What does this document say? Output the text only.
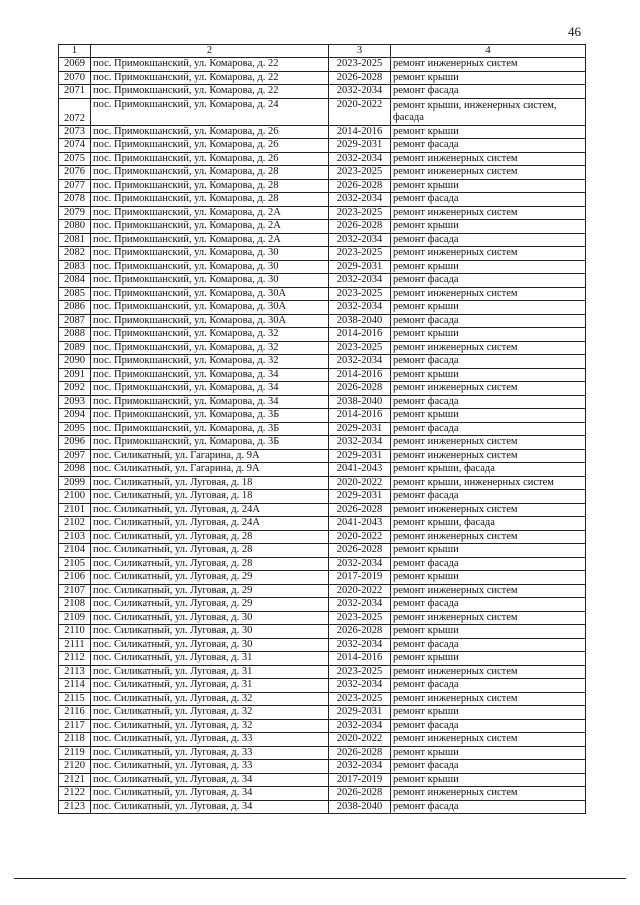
46
1	2	3	4
2069	пос. Примокшанский, ул. Комарова, д. 22	2023-2025	ремонт инженерных систем
2070	пос. Примокшанский, ул. Комарова, д. 22	2026-2028	ремонт крыши
2071	пос. Примокшанский, ул. Комарова, д. 22	2032-2034	ремонт фасада
2072	пос. Примокшанский, ул. Комарова, д. 24	2020-2022	ремонт крыши, инженерных систем, фасада
2073	пос. Примокшанский, ул. Комарова, д. 26	2014-2016	ремонт крыши
2074	пос. Примокшанский, ул. Комарова, д. 26	2029-2031	ремонт фасада
2075	пос. Примокшанский, ул. Комарова, д. 26	2032-2034	ремонт инженерных систем
2076	пос. Примокшанский, ул. Комарова, д. 28	2023-2025	ремонт инженерных систем
2077	пос. Примокшанский, ул. Комарова, д. 28	2026-2028	ремонт крыши
2078	пос. Примокшанский, ул. Комарова, д. 28	2032-2034	ремонт фасада
2079	пос. Примокшанский, ул. Комарова, д. 2А	2023-2025	ремонт инженерных систем
2080	пос. Примокшанский, ул. Комарова, д. 2А	2026-2028	ремонт крыши
2081	пос. Примокшанский, ул. Комарова, д. 2А	2032-2034	ремонт фасада
2082	пос. Примокшанский, ул. Комарова, д. 30	2023-2025	ремонт инженерных систем
2083	пос. Примокшанский, ул. Комарова, д. 30	2029-2031	ремонт крыши
2084	пос. Примокшанский, ул. Комарова, д. 30	2032-2034	ремонт фасада
2085	пос. Примокшанский, ул. Комарова, д. 30А	2023-2025	ремонт инженерных систем
2086	пос. Примокшанский, ул. Комарова, д. 30А	2032-2034	ремонт крыши
2087	пос. Примокшанский, ул. Комарова, д. 30А	2038-2040	ремонт фасада
2088	пос. Примокшанский, ул. Комарова, д. 32	2014-2016	ремонт крыши
2089	пос. Примокшанский, ул. Комарова, д. 32	2023-2025	ремонт инженерных систем
2090	пос. Примокшанский, ул. Комарова, д. 32	2032-2034	ремонт фасада
2091	пос. Примокшанский, ул. Комарова, д. 34	2014-2016	ремонт крыши
2092	пос. Примокшанский, ул. Комарова, д. 34	2026-2028	ремонт инженерных систем
2093	пос. Примокшанский, ул. Комарова, д. 34	2038-2040	ремонт фасада
2094	пос. Примокшанский, ул. Комарова, д. 3Б	2014-2016	ремонт крыши
2095	пос. Примокшанский, ул. Комарова, д. 3Б	2029-2031	ремонт фасада
2096	пос. Примокшанский, ул. Комарова, д. 3Б	2032-2034	ремонт инженерных систем
2097	пос. Силикатный, ул. Гагарина, д. 9А	2029-2031	ремонт инженерных систем
2098	пос. Силикатный, ул. Гагарина, д. 9А	2041-2043	ремонт крыши, фасада
2099	пос. Силикатный, ул. Луговая, д. 18	2020-2022	ремонт крыши, инженерных систем
2100	пос. Силикатный, ул. Луговая, д. 18	2029-2031	ремонт фасада
2101	пос. Силикатный, ул. Луговая, д. 24А	2026-2028	ремонт инженерных систем
2102	пос. Силикатный, ул. Луговая, д. 24А	2041-2043	ремонт крыши, фасада
2103	пос. Силикатный, ул. Луговая, д. 28	2020-2022	ремонт инженерных систем
2104	пос. Силикатный, ул. Луговая, д. 28	2026-2028	ремонт крыши
2105	пос. Силикатный, ул. Луговая, д. 28	2032-2034	ремонт фасада
2106	пос. Силикатный, ул. Луговая, д. 29	2017-2019	ремонт крыши
2107	пос. Силикатный, ул. Луговая, д. 29	2020-2022	ремонт инженерных систем
2108	пос. Силикатный, ул. Луговая, д. 29	2032-2034	ремонт фасада
2109	пос. Силикатный, ул. Луговая, д. 30	2023-2025	ремонт инженерных систем
2110	пос. Силикатный, ул. Луговая, д. 30	2026-2028	ремонт крыши
2111	пос. Силикатный, ул. Луговая, д. 30	2032-2034	ремонт фасада
2112	пос. Силикатный, ул. Луговая, д. 31	2014-2016	ремонт крыши
2113	пос. Силикатный, ул. Луговая, д. 31	2023-2025	ремонт инженерных систем
2114	пос. Силикатный, ул. Луговая, д. 31	2032-2034	ремонт фасада
2115	пос. Силикатный, ул. Луговая, д. 32	2023-2025	ремонт инженерных систем
2116	пос. Силикатный, ул. Луговая, д. 32	2029-2031	ремонт крыши
2117	пос. Силикатный, ул. Луговая, д. 32	2032-2034	ремонт фасада
2118	пос. Силикатный, ул. Луговая, д. 33	2020-2022	ремонт инженерных систем
2119	пос. Силикатный, ул. Луговая, д. 33	2026-2028	ремонт крыши
2120	пос. Силикатный, ул. Луговая, д. 33	2032-2034	ремонт фасада
2121	пос. Силикатный, ул. Луговая, д. 34	2017-2019	ремонт крыши
2122	пос. Силикатный, ул. Луговая, д. 34	2026-2028	ремонт инженерных систем
2123	пос. Силикатный, ул. Луговая, д. 34	2038-2040	ремонт фасада
